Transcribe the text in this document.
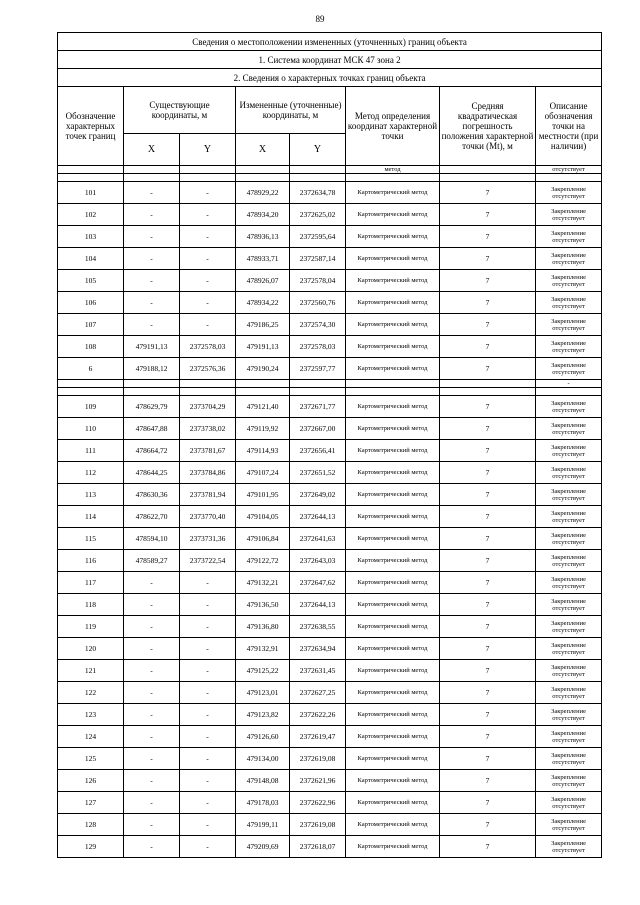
89
Сведения о местоположении измененных (уточненных) границ объекта							
1. Система координат МСК 47 зона 2							
2. Сведения о характерных точках границ объекта							
Обозначение характерных точек границ	Существующие координаты, м		Измененные (уточненные) координаты, м		Метод определения координат характерной точки	Средняя квадратическая погрешность положения характерной точки (Mt), м	Описание обозначения точки на местности (при наличии)
	X	Y	X	Y			
					метод		отсутствует

101	-	-	478929,22	2372634,78	Картометрический метод	7	Закрепление отсутствует
102	-	-	478934,20	2372625,02	Картометрический метод	7	Закрепление отсутствует
103	-	-	478936,13	2372595,64	Картометрический метод	7	Закрепление отсутствует
104	-	-	478933,71	2372587,14	Картометрический метод	7	Закрепление отсутствует
105	-	-	478926,07	2372578,04	Картометрический метод	7	Закрепление отсутствует
106	-	-	478934,22	2372560,76	Картометрический метод	7	Закрепление отсутствует
107	-	-	479186,25	2372574,30	Картометрический метод	7	Закрепление отсутствует
108	479191,13	2372578,03	479191,13	2372578,03	Картометрический метод	7	Закрепление отсутствует
6	479188,12	2372576,36	479190,24	2372597,77	Картометрический метод	7	Закрепление отсутствует
							-

109	478629,79	2373704,29	479121,40	2372671,77	Картометрический метод	7	Закрепление отсутствует
110	478647,88	2373738,02	479119,92	2372667,00	Картометрический метод	7	Закрепление отсутствует
111	478664,72	2373781,67	479114,93	2372656,41	Картометрический метод	7	Закрепление отсутствует
112	478644,25	2373784,86	479107,24	2372651,52	Картометрический метод	7	Закрепление отсутствует
113	478630,36	2373781,94	479101,95	2372649,02	Картометрический метод	7	Закрепление отсутствует
114	478622,70	2373770,40	479104,05	2372644,13	Картометрический метод	7	Закрепление отсутствует
115	478594,10	2373731,36	479106,84	2372641,63	Картометрический метод	7	Закрепление отсутствует
116	478589,27	2373722,54	479122,72	2372643,03	Картометрический метод	7	Закрепление отсутствует
117	-	-	479132,21	2372647,62	Картометрический метод	7	Закрепление отсутствует
118	-	-	479136,50	2372644,13	Картометрический метод	7	Закрепление отсутствует
119	-	-	479136,80	2372638,55	Картометрический метод	7	Закрепление отсутствует
120	-	-	479132,91	2372634,94	Картометрический метод	7	Закрепление отсутствует
121	-	-	479125,22	2372631,45	Картометрический метод	7	Закрепление отсутствует
122	-	-	479123,01	2372627,25	Картометрический метод	7	Закрепление отсутствует
123	-	-	479123,82	2372622,26	Картометрический метод	7	Закрепление отсутствует
124	-	-	479126,60	2372619,47	Картометрический метод	7	Закрепление отсутствует
125	-	-	479134,00	2372619,08	Картометрический метод	7	Закрепление отсутствует
126	-	-	479148,08	2372621,96	Картометрический метод	7	Закрепление отсутствует
127	-	-	479178,03	2372622,96	Картометрический метод	7	Закрепление отсутствует
128	-	-	479199,11	2372619,08	Картометрический метод	7	Закрепление отсутствует
129	-	-	479209,69	2372618,07	Картометрический метод	7	Закрепление отсутствует
